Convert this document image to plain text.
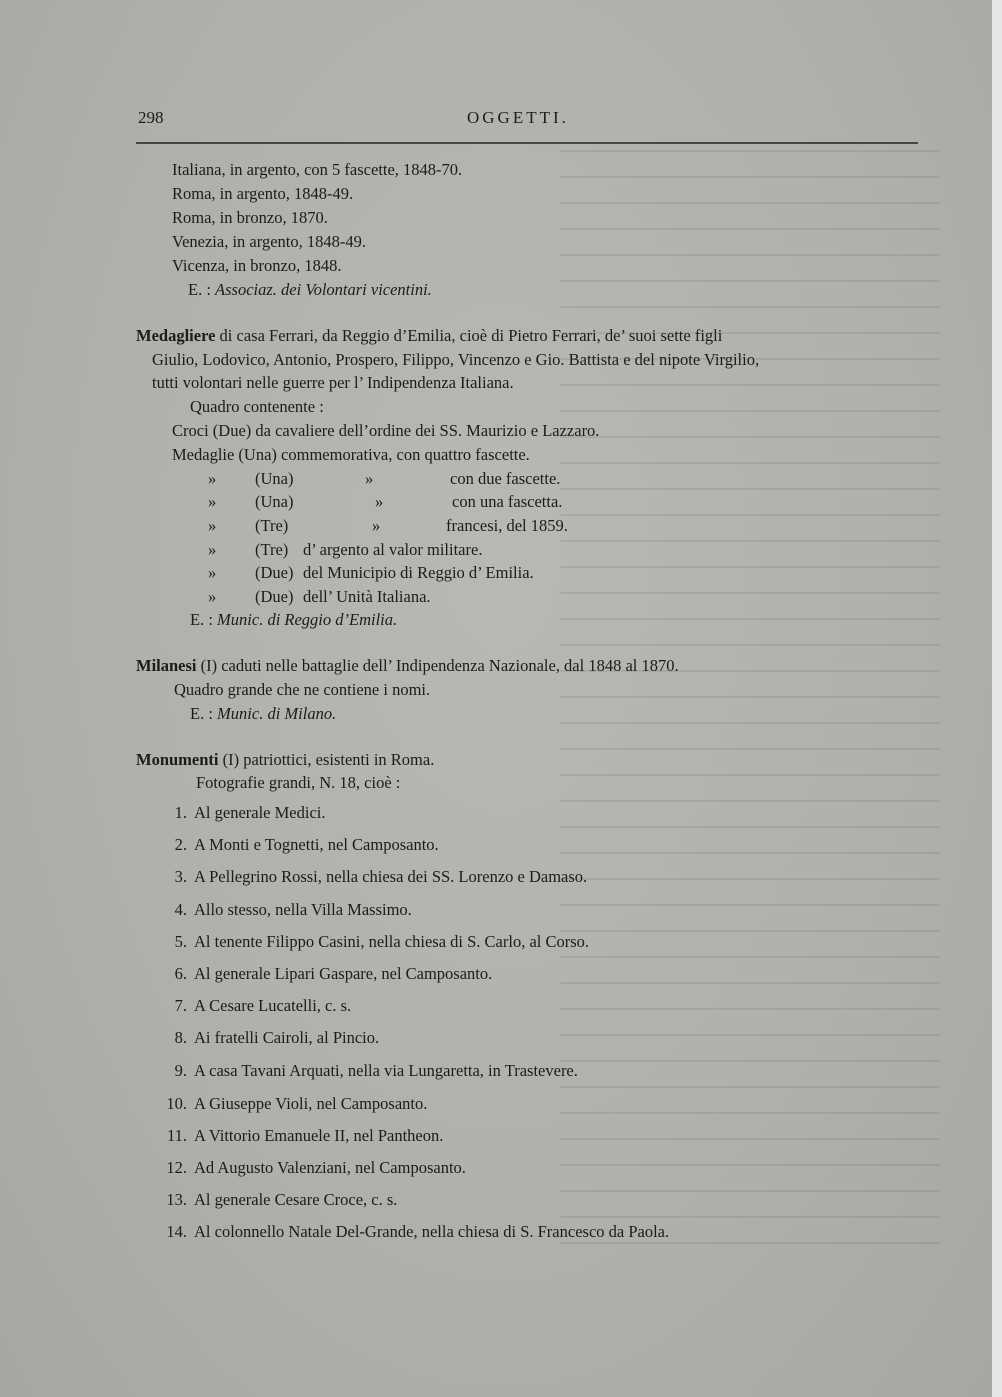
298	OGGETTI.
Italiana, in argento, con 5 fascette, 1848-70.
Roma, in argento, 1848-49.
Roma, in bronzo, 1870.
Venezia, in argento, 1848-49.
Vicenza, in bronzo, 1848.
E. : Associaz. dei Volontari vicentini.
Medagliere di casa Ferrari, da Reggio d’Emilia, cioè di Pietro Ferrari, de’ suoi sette figli
Giulio, Lodovico, Antonio, Prospero, Filippo, Vincenzo e Gio. Battista e del nipote Virgilio,
tutti volontari nelle guerre per l’ Indipendenza Italiana.
Quadro contenente :
Croci (Due) da cavaliere dell’ordine dei SS. Maurizio e Lazzaro.
Medaglie (Una) commemorativa, con quattro fascette.
» (Una)	»	con due fascette.
» (Una)	»	con una fascetta.
» (Tre)	»	francesi, del 1859.
» (Tre) d’ argento al valor militare.
» (Due) del Municipio di Reggio d’ Emilia.
» (Due) dell’ Unità Italiana.
E. : Munic. di Reggio d’Emilia.
Milanesi (I) caduti nelle battaglie dell’ Indipendenza Nazionale, dal 1848 al 1870.
Quadro grande che ne contiene i nomi.
E. : Munic. di Milano.
Monumenti (I) patriottici, esistenti in Roma.
Fotografie grandi, N. 18, cioè :
1. Al generale Medici.
2. A Monti e Tognetti, nel Camposanto.
3. A Pellegrino Rossi, nella chiesa dei SS. Lorenzo e Damaso.
4. Allo stesso, nella Villa Massimo.
5. Al tenente Filippo Casini, nella chiesa di S. Carlo, al Corso.
6. Al generale Lipari Gaspare, nel Camposanto.
7. A Cesare Lucatelli, c. s.
8. Ai fratelli Cairoli, al Pincio.
9. A casa Tavani Arquati, nella via Lungaretta, in Trastevere.
10. A Giuseppe Violi, nel Camposanto.
11. A Vittorio Emanuele II, nel Pantheon.
12. Ad Augusto Valenziani, nel Camposanto.
13. Al generale Cesare Croce, c. s.
14. Al colonnello Natale Del-Grande, nella chiesa di S. Francesco da Paola.
